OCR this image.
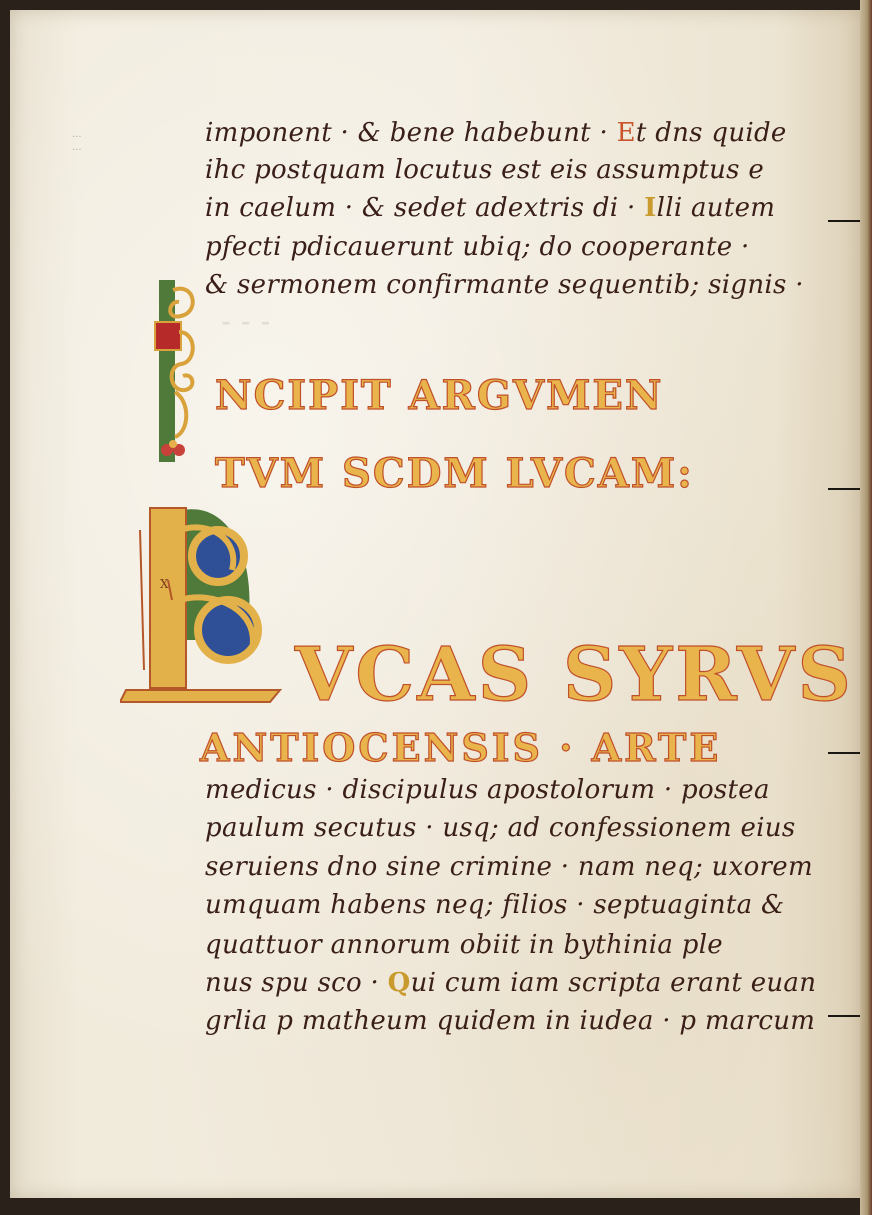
...
...
⁃ ⁃ ⁃
imponent · & bene habebunt · Et dns quide
ihc postquam locutus est eis assumptus e
in caelum · & sedet adextris di · Illi autem
pfecti pdicauerunt ubiq; do cooperante ·
& sermonem confirmante sequentib; signis ·
NCIPIT ARGVMEN
TVM SCDM LVCAM:
X
VCAS SYRVS
ANTIOCENSIS · ARTE
medicus · discipulus apostolorum · postea
paulum secutus · usq; ad confessionem eius
seruiens dno sine crimine · nam neq; uxorem
umquam habens neq; filios · septuaginta &
quattuor annorum obiit in bythinia ple
nus spu sco · Qui cum iam scripta erant euan
grlia p matheum quidem in iudea · p marcum
